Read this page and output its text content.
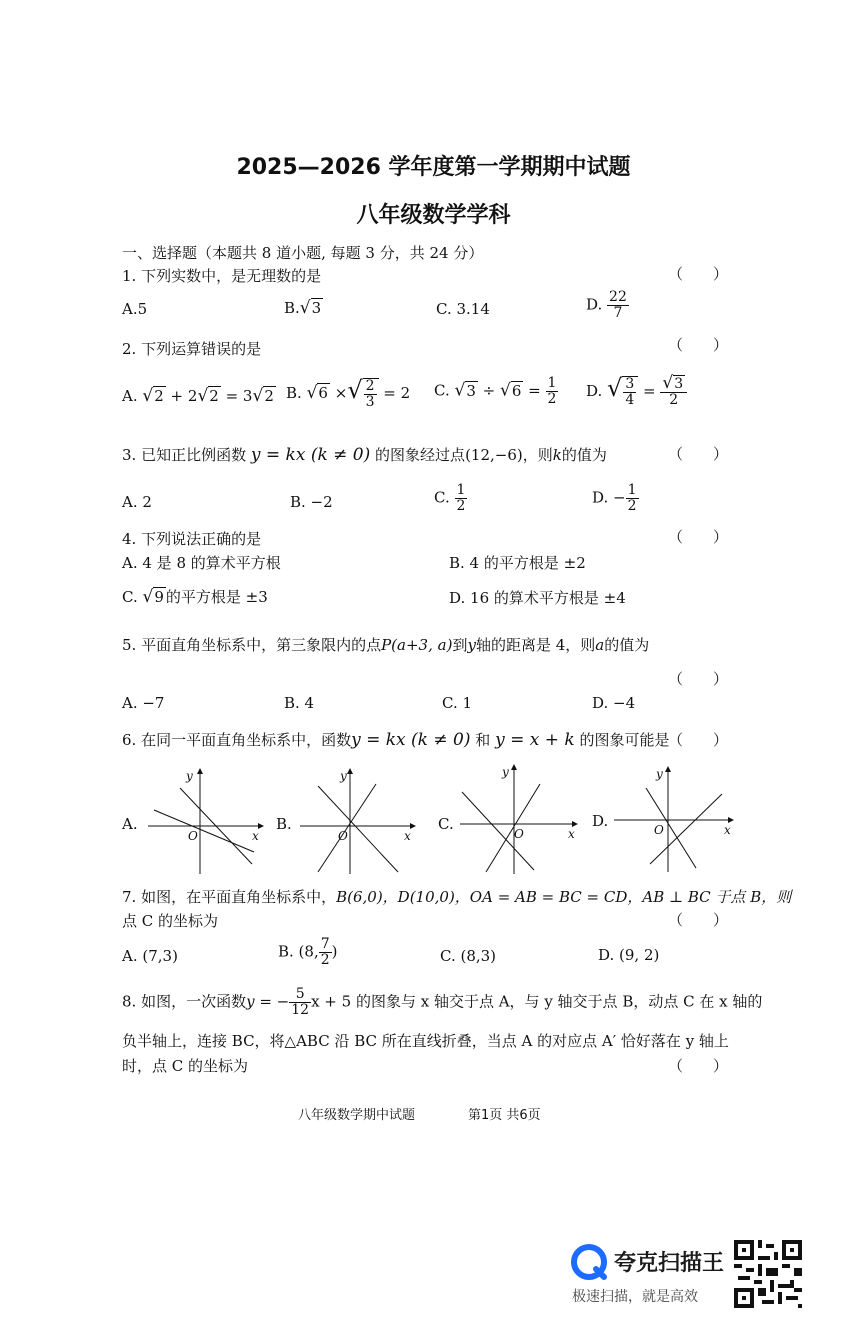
2025—2026 学年度第一学期期中试题
八年级数学学科
一、选择题（本题共 8 道小题, 每题 3 分，共 24 分）
1. 下列实数中，是无理数的是	（　　）
A.5	B.√3	C. 3.14	D. $\frac{22}{7}$
2. 下列运算错误的是	（　　）
A. √2 + 2√2 = 3√2 B. √6 ×√ $\frac{2}{3} = 2$ C. $√3 \div √6 = \frac{1}{2} D$. √ $\frac{3}{4} = \frac{√3}{2}$
3. 已知正比例函数 y = kx (k ≠ 0) 的图象经过点(12,−6)，则k的值为	（　　）
A. 2	B. −2	C. $\frac{1}{2}$	D. − $\frac{1}{2}$
4. 下列说法正确的是	（　　）
A. 4 是 8 的算术平方根	B. 4 的平方根是 ±2
C. √9 的平方根是 ±3	D. 16 的算术平方根是 ±4
5. 平面直角坐标系中，第三象限内的点P(a+3, a)到y轴的距离是 4，则a的值为
（　　）
A. −7	B. 4	C. 1	D. −4
6. 在同一平面直角坐标系中，函数y = kx (k ≠ 0) 和 y = x + k 的图象可能是
（　　）
A.
x
y
O
B.
x
y
O
C.
x
y
O
D.	x
y
O
7. 如图，在平面直角坐标系中，B(6,0)，D(10,0)，OA = AB = BC = CD，AB ⊥ BC 于点 B，则
点 C 的坐标为	（　　）
A. (7,3)	B. (8, $\frac{7}{2}$ )	C. (8,3)	D. (9, 2)
8. 如图，一次函数y = − $\frac{5}{12}$ x + 5 的图象与 x 轴交于点 A，与 y 轴交于点 B，动点 C 在 x 轴的
负半轴上，连接 BC，将△ABC 沿 BC 所在直线折叠，当点 A 的对应点 A′ 恰好落在 y 轴上
时，点 C 的坐标为	（　　）
八年级数学期中试题	第1页 共6页
夸克扫描王
极速扫描，就是高效
